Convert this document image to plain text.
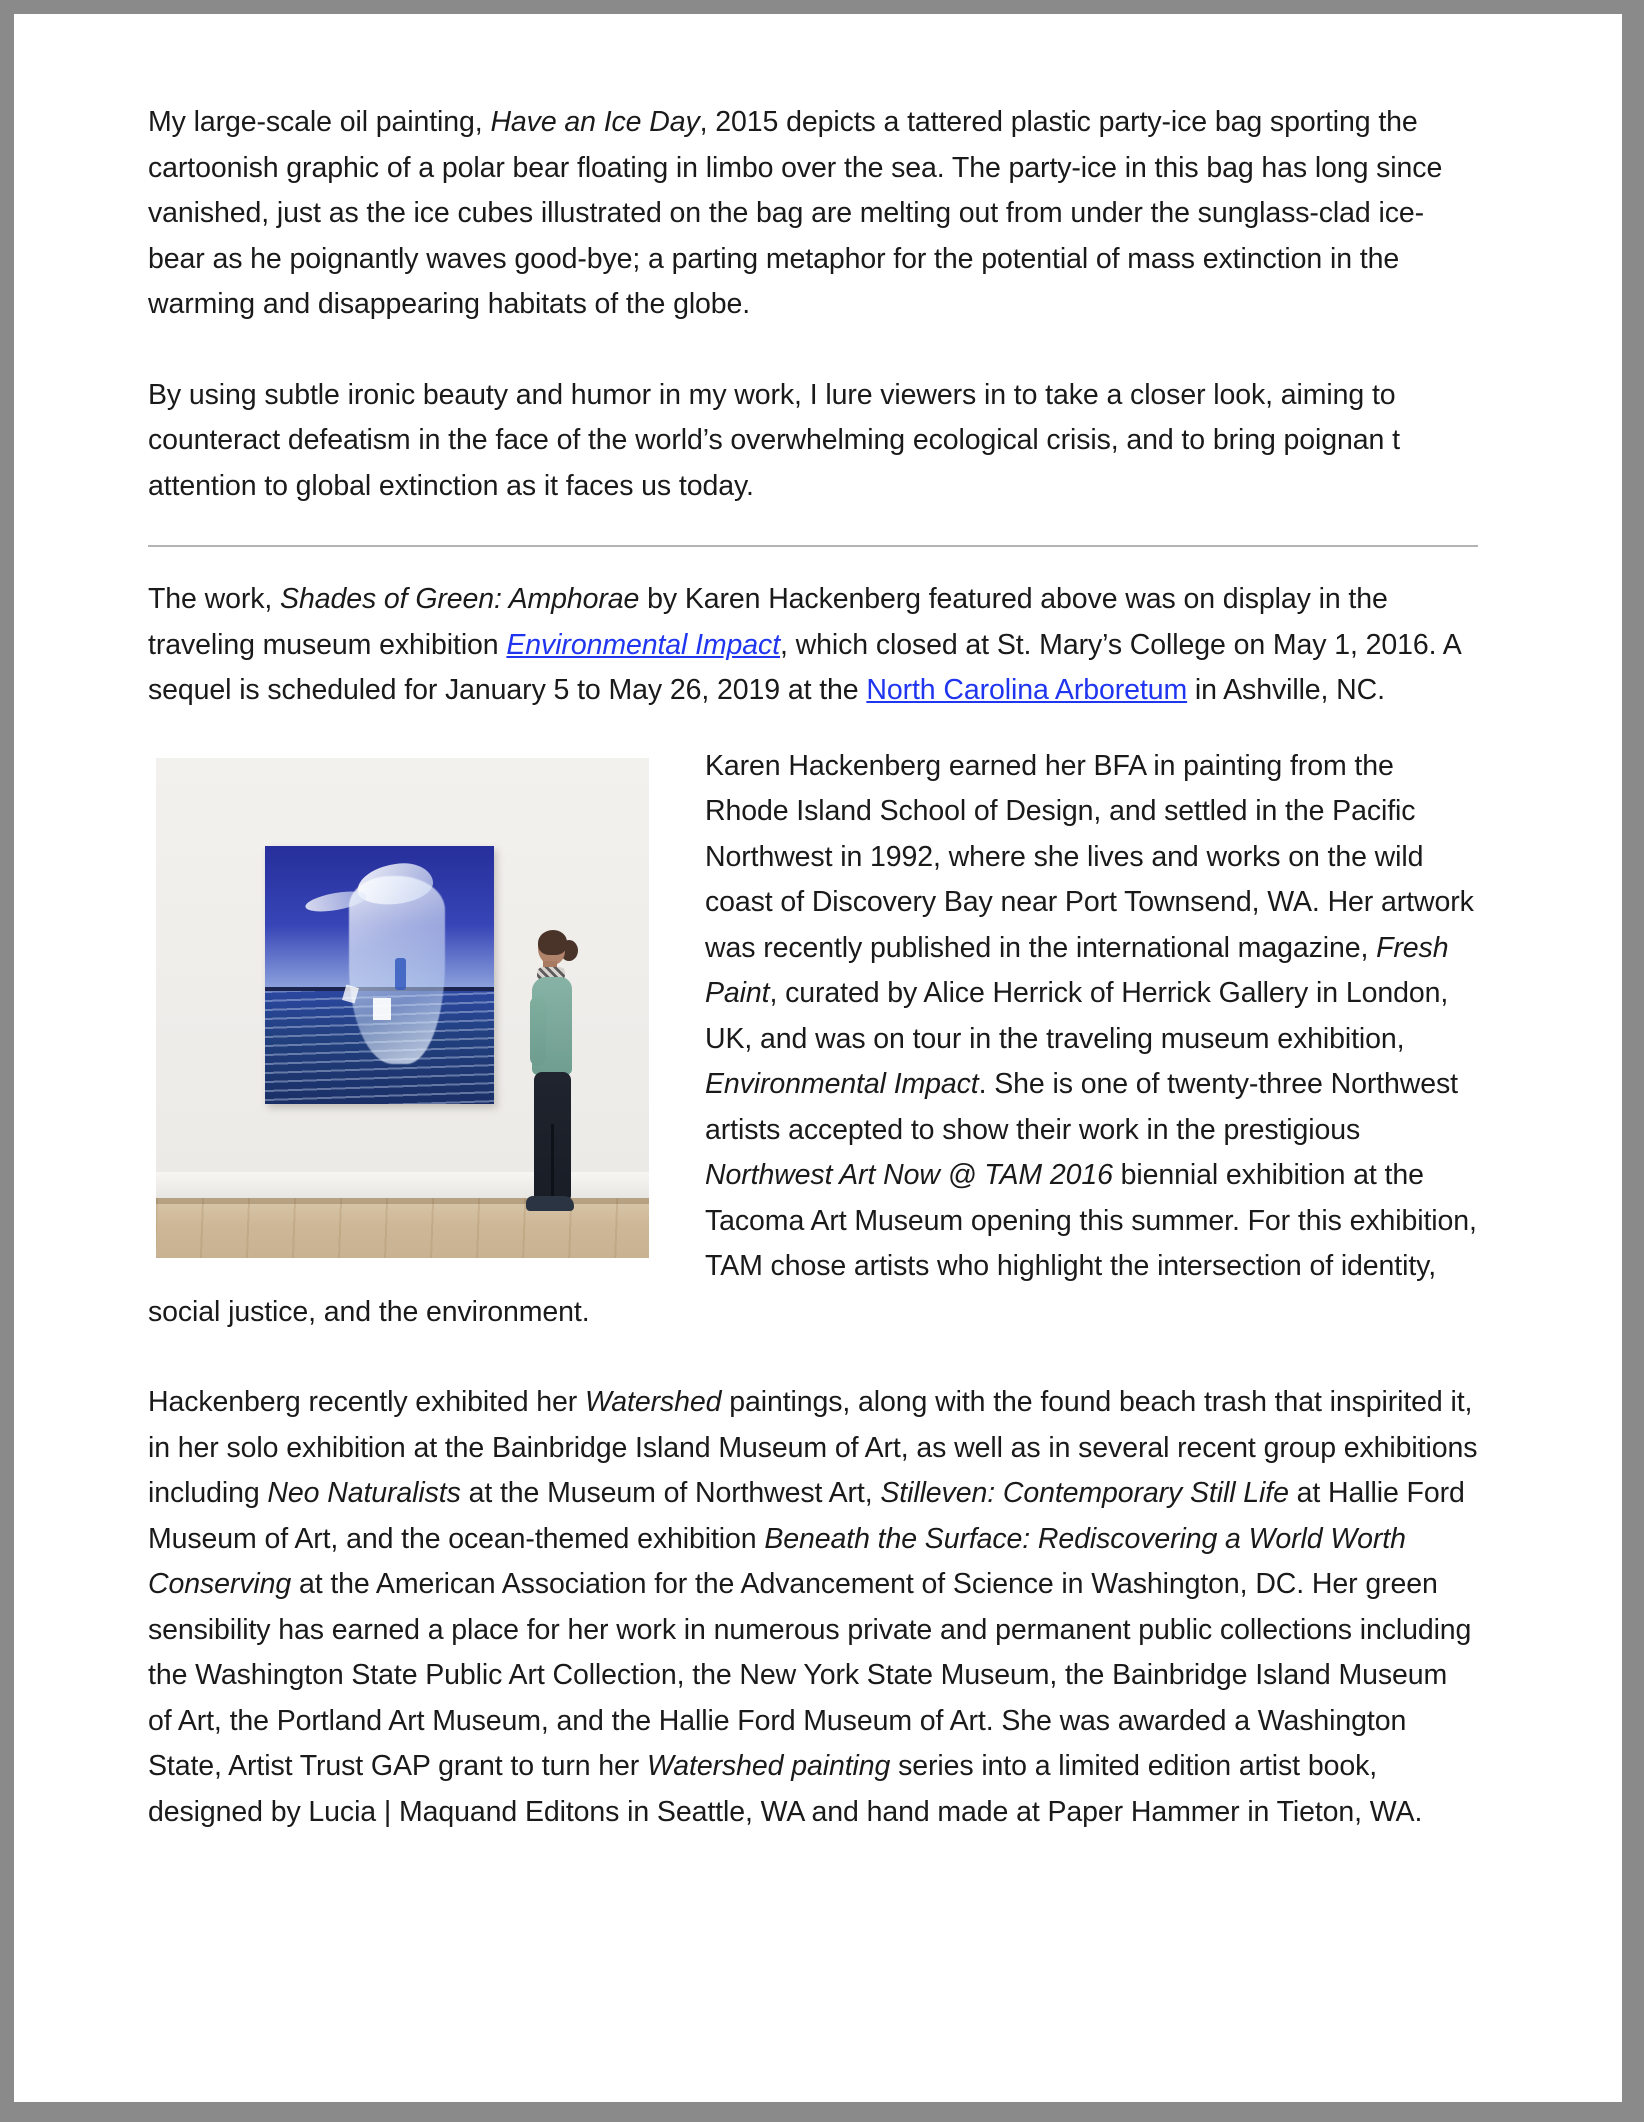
My large-scale oil painting, Have an Ice Day, 2015 depicts a tattered plastic party-ice bag sporting the cartoonish graphic of a polar bear floating in limbo over the sea. The party-ice in this bag has long since vanished, just as the ice cubes illustrated on the bag are melting out from under the sunglass-clad ice-bear as he poignantly waves good-bye; a parting metaphor for the potential of mass extinction in the warming and disappearing habitats of the globe.

By using subtle ironic beauty and humor in my work, I lure viewers in to take a closer look, aiming to counteract defeatism in the face of the world’s overwhelming ecological crisis, and to bring poignan t attention to global extinction as it faces us today.

The work, Shades of Green: Amphorae by Karen Hackenberg featured above was on display in the traveling museum exhibition Environmental Impact, which closed at St. Mary’s College on May 1, 2016. A sequel is scheduled for January 5 to May 26, 2019 at the North Carolina Arboretum in Ashville, NC.

Karen Hackenberg earned her BFA in painting from the Rhode Island School of Design, and settled in the Pacific Northwest in 1992, where she lives and works on the wild coast of Discovery Bay near Port Townsend, WA. Her artwork was recently published in the international magazine, Fresh Paint, curated by Alice Herrick of Herrick Gallery in London, UK, and was on tour in the traveling museum exhibition, Environmental Impact. She is one of twenty-three Northwest artists accepted to show their work in the prestigious Northwest Art Now @ TAM 2016 biennial exhibition at the Tacoma Art Museum opening this summer. For this exhibition, TAM chose artists who highlight the intersection of identity, social justice, and the environment.

Hackenberg recently exhibited her Watershed paintings, along with the found beach trash that inspirited it, in her solo exhibition at the Bainbridge Island Museum of Art, as well as in several recent group exhibitions including Neo Naturalists at the Museum of Northwest Art, Stilleven: Contemporary Still Life at Hallie Ford Museum of Art, and the ocean-themed exhibition Beneath the Surface: Rediscovering a World Worth Conserving at the American Association for the Advancement of Science in Washington, DC. Her green sensibility has earned a place for her work in numerous private and permanent public collections including the Washington State Public Art Collection, the New York State Museum, the Bainbridge Island Museum of Art, the Portland Art Museum, and the Hallie Ford Museum of Art. She was awarded a Washington State, Artist Trust GAP grant to turn her Watershed painting series into a limited edition artist book, designed by Lucia | Maquand Editons in Seattle, WA and hand made at Paper Hammer in Tieton, WA.
